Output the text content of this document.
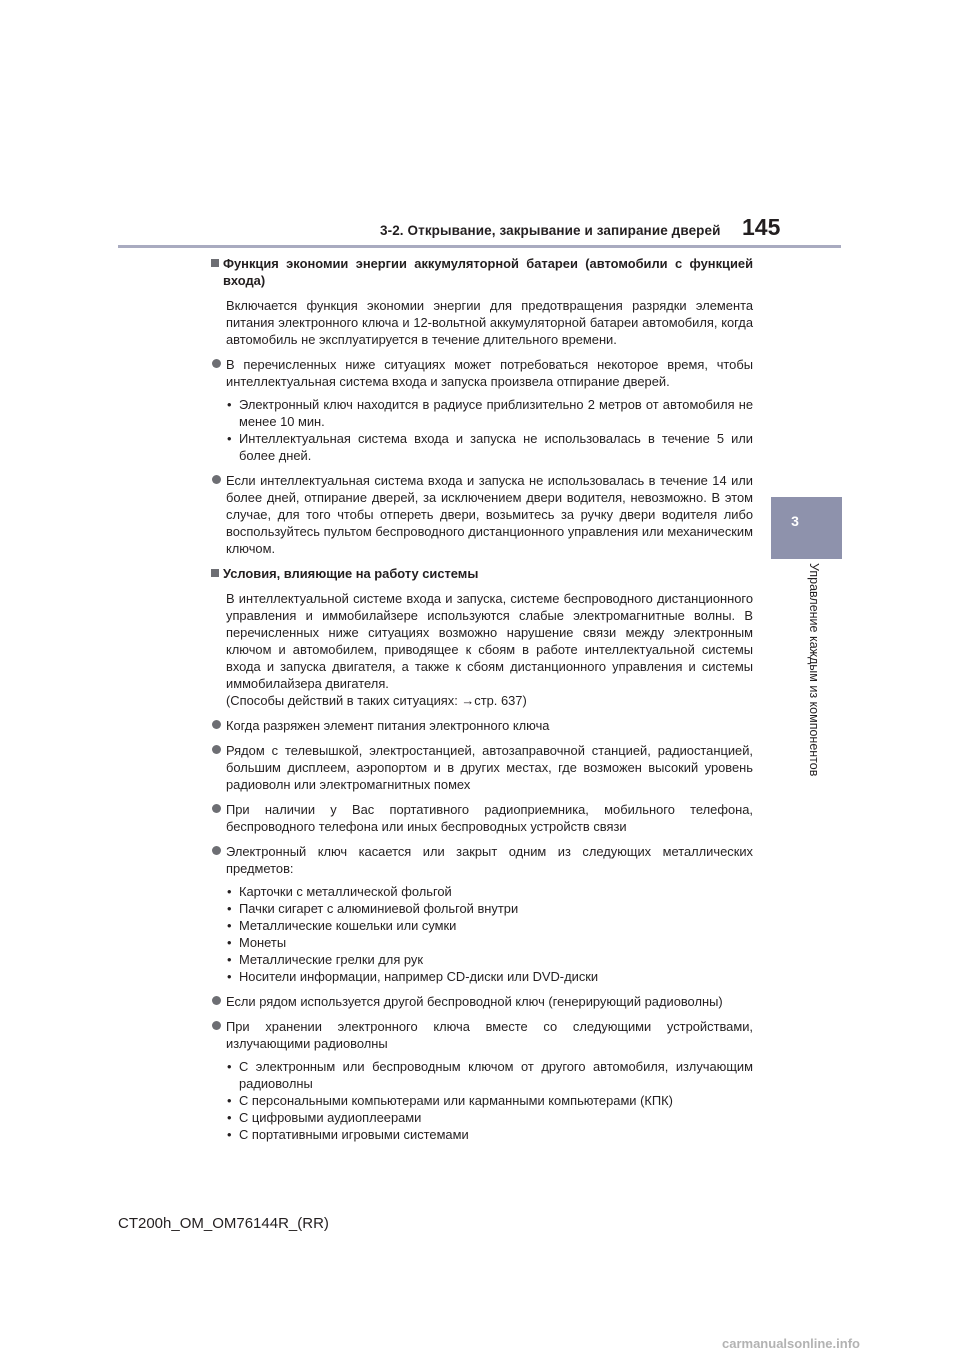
3-2. Открывание, закрывание и запирание дверей 145
3
Управление каждым из компонентов

Функция экономии энергии аккумуляторной батареи (автомобили с функцией входа)

Включается функция экономии энергии для предотвращения разрядки элемента питания электронного ключа и 12-вольтной аккумуляторной батареи автомобиля, когда автомобиль не эксплуатируется в течение длительного времени.

В перечисленных ниже ситуациях может потребоваться некоторое время, чтобы интеллектуальная система входа и запуска произвела отпирание дверей.

• Электронный ключ находится в радиусе приблизительно 2 метров от автомобиля не менее 10 мин.

• Интеллектуальная система входа и запуска не использовалась в течение 5 или более дней.

Если интеллектуальная система входа и запуска не использовалась в течение 14 или более дней, отпирание дверей, за исключением двери водителя, невозможно. В этом случае, для того чтобы отпереть двери, возьмитесь за ручку двери водителя либо воспользуйтесь пультом беспроводного дистанционного управления или механическим ключом.

Условия, влияющие на работу системы

В интеллектуальной системе входа и запуска, системе беспроводного дистанционного управления и иммобилайзере используются слабые электромагнитные волны. В перечисленных ниже ситуациях возможно нарушение связи между электронным ключом и автомобилем, приводящее к сбоям в работе интеллектуальной системы входа и запуска двигателя, а также к сбоям дистанционного управления и системы иммобилайзера двигателя.
(Способы действий в таких ситуациях: →стр. 637)

Когда разряжен элемент питания электронного ключа

Рядом с телевышкой, электростанцией, автозаправочной станцией, радиостанцией, большим дисплеем, аэропортом и в других местах, где возможен высокий уровень радиоволн или электромагнитных помех

При наличии у Вас портативного радиоприемника, мобильного телефона, беспроводного телефона или иных беспроводных устройств связи

Электронный ключ касается или закрыт одним из следующих металлических предметов:

• Карточки с металлической фольгой

• Пачки сигарет с алюминиевой фольгой внутри

• Металлические кошельки или сумки

• Монеты

• Металлические грелки для рук

• Носители информации, например CD-диски или DVD-диски

Если рядом используется другой беспроводной ключ (генерирующий радиоволны)

При хранении электронного ключа вместе со следующими устройствами, излучающими радиоволны

• С электронным или беспроводным ключом от другого автомобиля, излучающим радиоволны

• С персональными компьютерами или карманными компьютерами (КПК)

• С цифровыми аудиоплеерами

• С портативными игровыми системами

CT200h_OM_OM76144R_(RR)
carmanualsonline.info
